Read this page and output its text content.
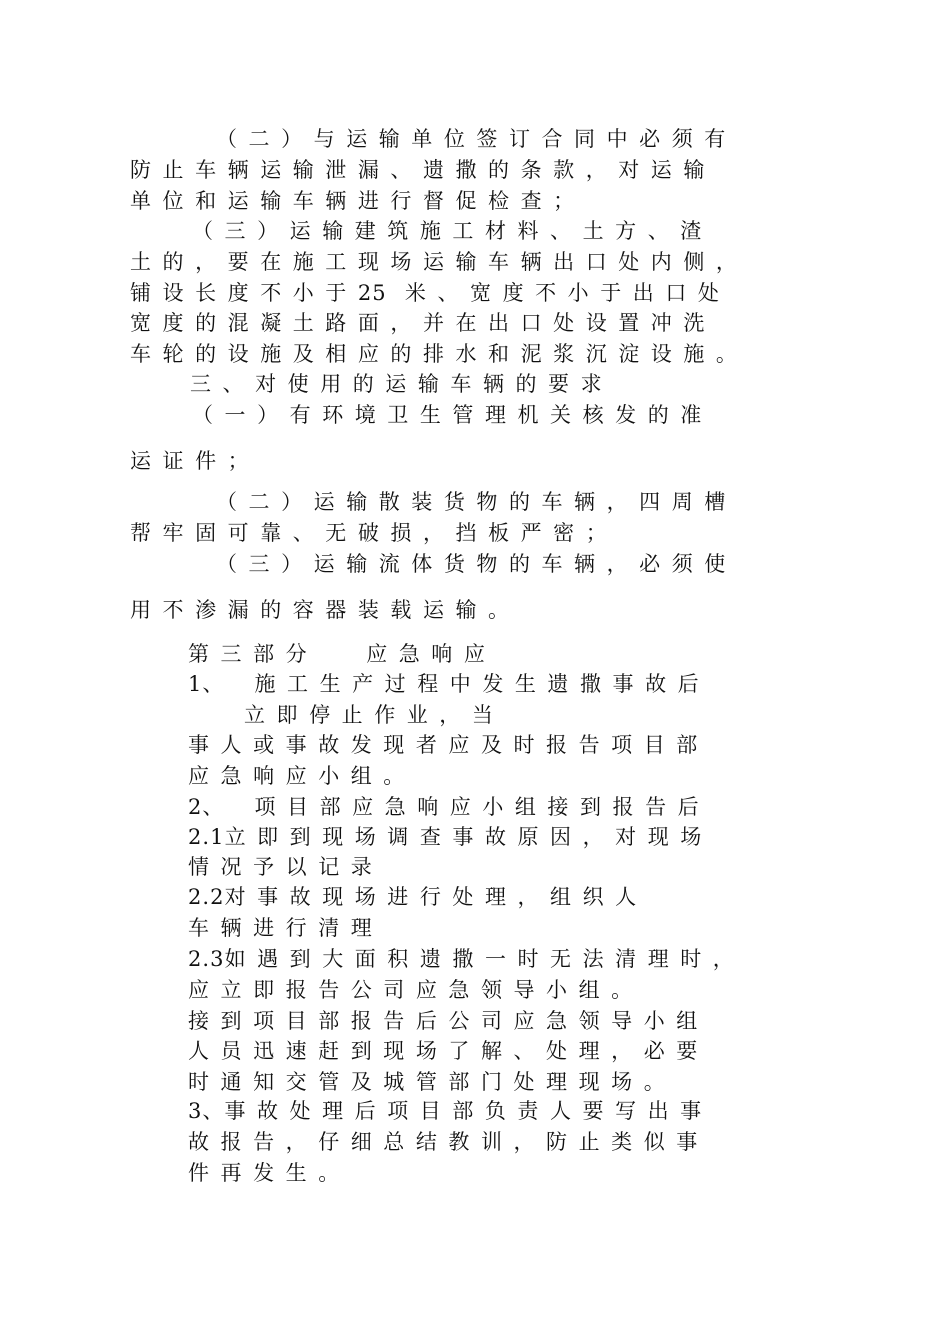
（二）与运输单位签订合同中必须有

防止车辆运输泄漏、遗撒的条款，对运输

单位和运输车辆进行督促检查；

（三）运输建筑施工材料、土方、渣

土的，要在施工现场运输车辆出口处内侧，

铺设长度不小于25 米、宽度不小于出口处

宽度的混凝土路面，并在出口处设置冲洗

车轮的设施及相应的排水和泥浆沉淀设施。

三、对使用的运输车辆的要求

（一）有环境卫生管理机关核发的准

运证件；

（二）运输散装货物的车辆，四周槽

帮牢固可靠、无破损，挡板严密；

（三）运输流体货物的车辆，必须使

用不渗漏的容器装载运输。

第三部分 应急响应

1、 施工生产过程中发生遗撒事故后

立即停止作业，当

事人或事故发现者应及时报告项目部

应急响应小组。

2、 项目部应急响应小组接到报告后

2.1立即到现场调查事故原因，对现场

情况予以记录

2.2对事故现场进行处理，组织人

车辆进行清理

2.3如遇到大面积遗撒一时无法清理时，

应立即报告公司应急领导小组。

接到项目部报告后公司应急领导小组

人员迅速赶到现场了解、处理，必要

时通知交管及城管部门处理现场。

3、事故处理后项目部负责人要写出事

故报告，仔细总结教训，防止类似事

件再发生。
